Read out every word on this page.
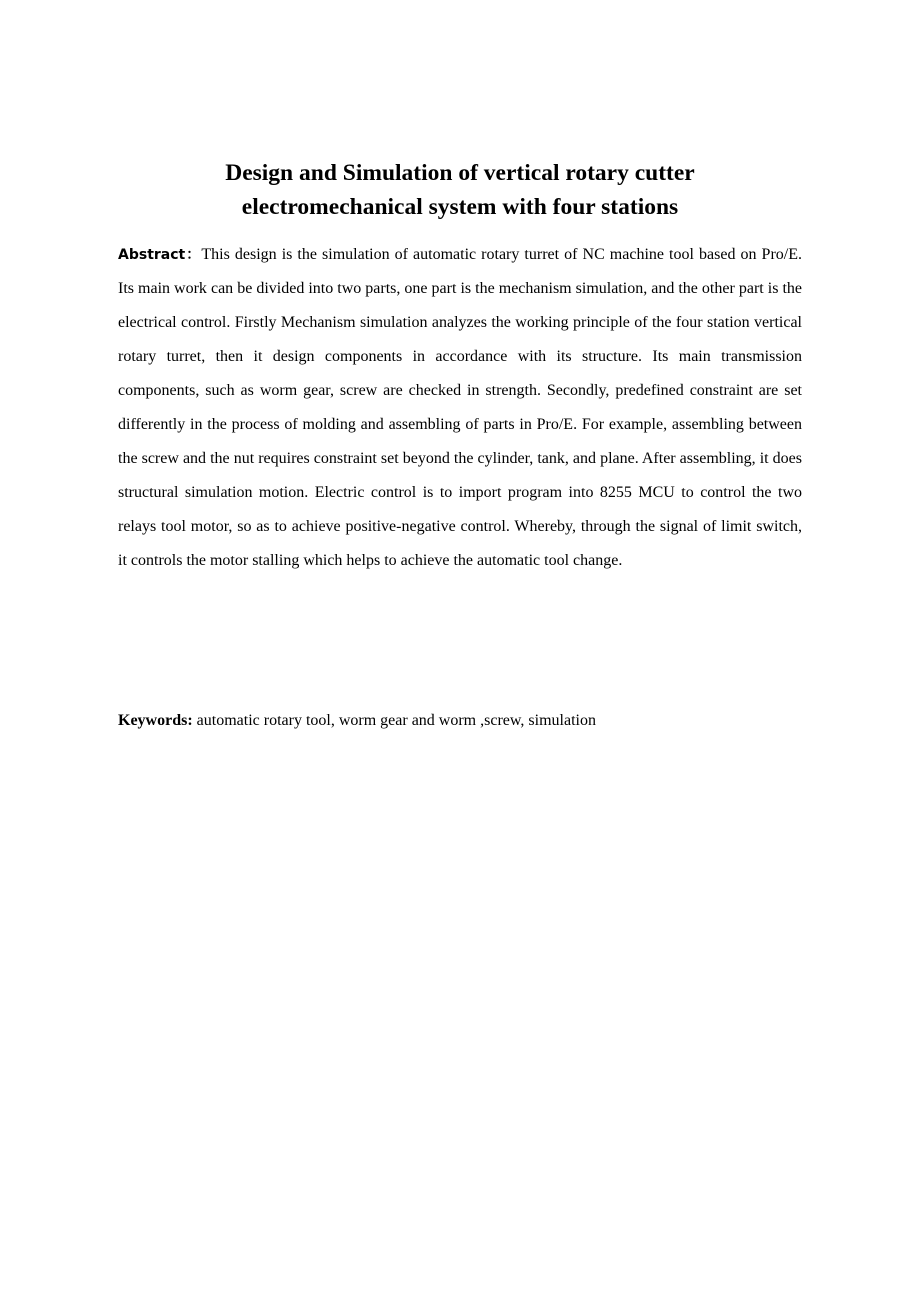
Design and Simulation of vertical rotary cutter
electromechanical system with four stations

Abstract：This design is the simulation of automatic rotary turret of NC machine tool based on Pro/E. Its main work can be divided into two parts, one part is the mechanism simulation, and the other part is the electrical control. Firstly Mechanism simulation analyzes the working principle of the four station vertical rotary turret, then it design components in accordance with its structure. Its main transmission components, such as worm gear, screw are checked in strength. Secondly, predefined constraint are set differently in the process of molding and assembling of parts in Pro/E. For example, assembling between the screw and the nut requires constraint set beyond the cylinder, tank, and plane. After assembling, it does structural simulation motion. Electric control is to import program into 8255 MCU to control the two relays tool motor, so as to achieve positive-negative control. Whereby, through the signal of limit switch, it controls the motor stalling which helps to achieve the automatic tool change.

Keywords: automatic rotary tool, worm gear and worm ,screw, simulation
